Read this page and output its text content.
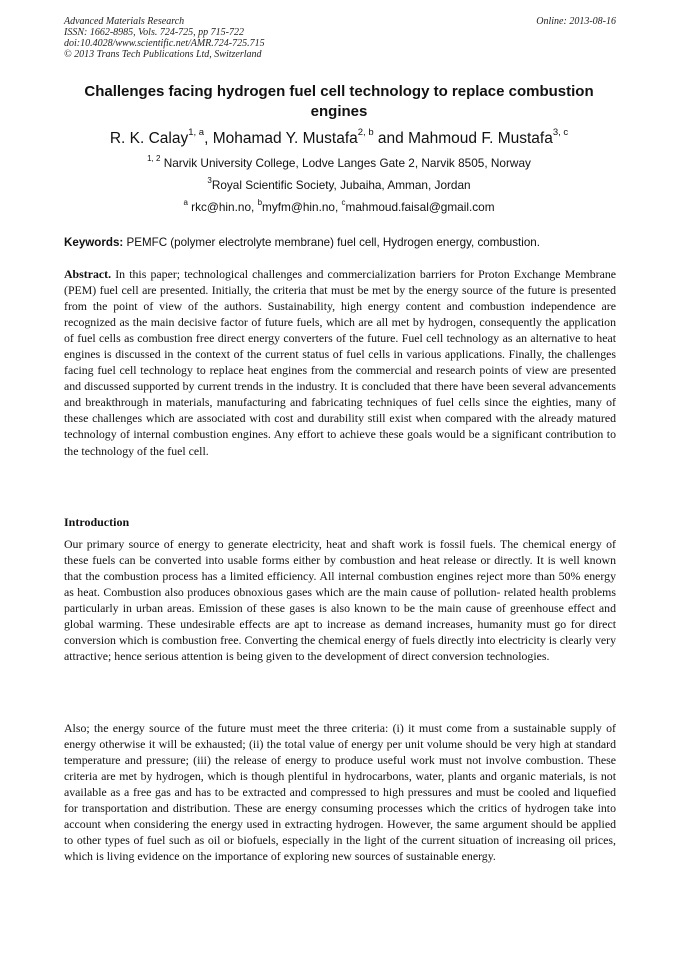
Advanced Materials Research
ISSN: 1662-8985, Vols. 724-725, pp 715-722
doi:10.4028/www.scientific.net/AMR.724-725.715
© 2013 Trans Tech Publications Ltd, Switzerland
Online: 2013-08-16
Challenges facing hydrogen fuel cell technology to replace combustion engines
R. K. Calay$^{1, a}$, Mohamad Y. Mustafa$^{2, b}$ and Mahmoud F. Mustafa$^{3, c}$
$^{1, 2}$ Narvik University College, Lodve Langes Gate 2, Narvik 8505, Norway
$^3$Royal Scientific Society, Jubaiha, Amman, Jordan
$^a$ rkc@hin.no, $^b$myfm@hin.no, $^c$mahmoud.faisal@gmail.com
Keywords: PEMFC (polymer electrolyte membrane) fuel cell, Hydrogen energy, combustion.
Abstract. In this paper; technological challenges and commercialization barriers for Proton Exchange Membrane (PEM) fuel cell are presented. Initially, the criteria that must be met by the energy source of the future is presented from the point of view of the authors. Sustainability, high energy content and combustion independence are recognized as the main decisive factor of future fuels, which are all met by hydrogen, consequently the application of fuel cells as combustion free direct energy converters of the future. Fuel cell technology as an alternative to heat engines is discussed in the context of the current status of fuel cells in various applications. Finally, the challenges facing fuel cell technology to replace heat engines from the commercial and research points of view are presented and discussed supported by current trends in the industry. It is concluded that there have been several advancements and breakthrough in materials, manufacturing and fabricating techniques of fuel cells since the eighties, many of these challenges which are associated with cost and durability still exist when compared with the already matured technology of internal combustion engines. Any effort to achieve these goals would be a significant contribution to the technology of the fuel cell.
Introduction
Our primary source of energy to generate electricity, heat and shaft work is fossil fuels. The chemical energy of these fuels can be converted into usable forms either by combustion and heat release or directly. It is well known that the combustion process has a limited efficiency. All internal combustion engines reject more than 50% energy as heat. Combustion also produces obnoxious gases which are the main cause of pollution- related health problems particularly in urban areas. Emission of these gases is also known to be the main cause of greenhouse effect and global warming. These undesirable effects are apt to increase as demand increases, humanity must go for direct conversion which is combustion free. Converting the chemical energy of fuels directly into electricity is clearly very attractive; hence serious attention is being given to the development of direct conversion technologies.
Also; the energy source of the future must meet the three criteria: (i) it must come from a sustainable supply of energy otherwise it will be exhausted; (ii) the total value of energy per unit volume should be very high at standard temperature and pressure; (iii) the release of energy to produce useful work must not involve combustion. These criteria are met by hydrogen, which is though plentiful in hydrocarbons, water, plants and organic materials, is not available as a free gas and has to be extracted and compressed to high pressures and must be cooled and liquefied for transportation and distribution. These are energy consuming processes which the critics of hydrogen take into account when considering the energy used in extracting hydrogen. However, the same argument should be applied to other types of fuel such as oil or biofuels, especially in the light of the current situation of increasing oil prices, which is living evidence on the importance of exploring new sources of sustainable energy.
